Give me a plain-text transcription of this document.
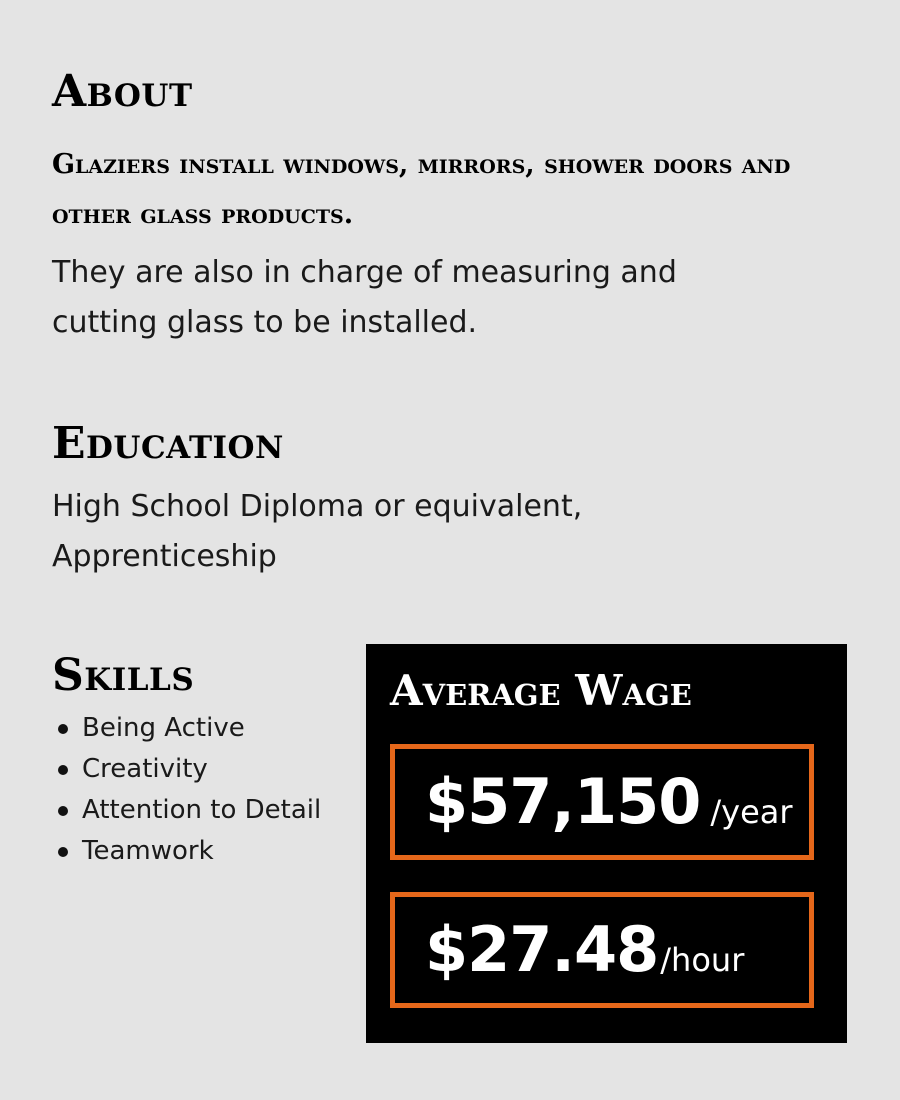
About

Glaziers install windows, mirrors, shower doors and other glass products.

They are also in charge of measuring and cutting glass to be installed.

Education

High School Diploma or equivalent, Apprenticeship

Skills
Being Active
Creativity
Attention to Detail
Teamwork
Average Wage
$57,150 /year
$27.48 /hour
